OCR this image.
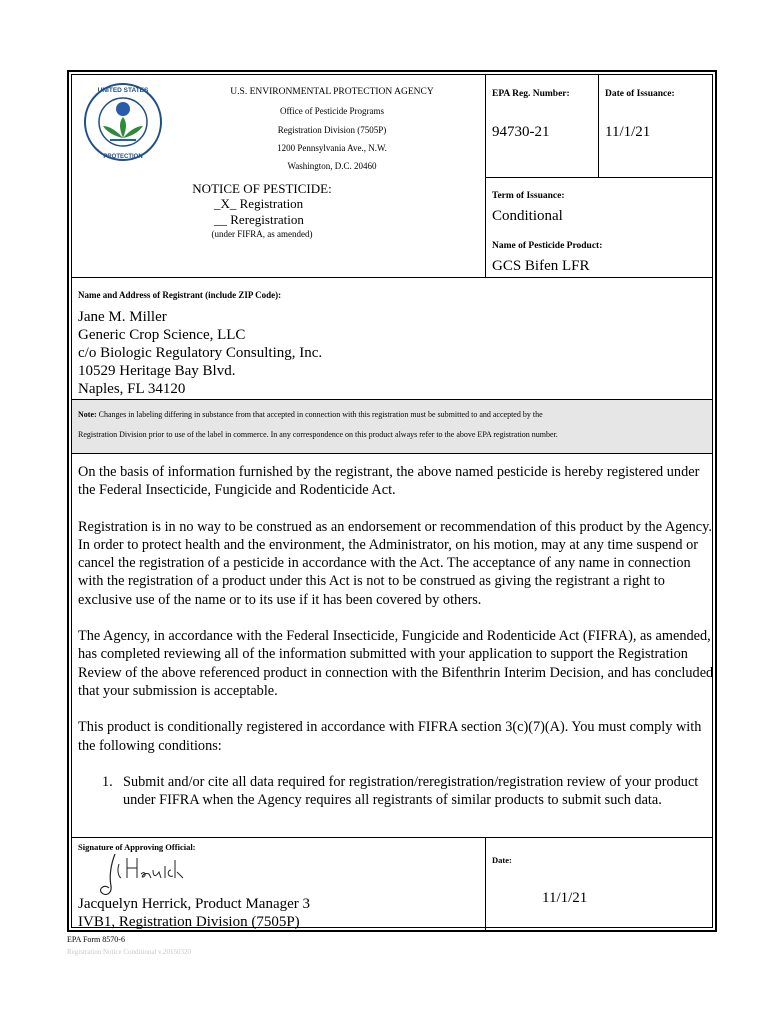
UNITED STATES
PROTECTION
U.S. ENVIRONMENTAL PROTECTION AGENCY
Office of Pesticide Programs
Registration Division (7505P)
1200 Pennsylvania Ave., N.W.
Washington, D.C. 20460
NOTICE OF PESTICIDE:
_X_ Registration
__ Reregistration
(under FIFRA, as amended)
EPA Reg. Number:
94730-21
Date of Issuance:
11/1/21
Term of Issuance:
Conditional
Name of Pesticide Product:
GCS Bifen LFR
Name and Address of Registrant (include ZIP Code):
Jane M. Miller
Generic Crop Science, LLC
c/o Biologic Regulatory Consulting, Inc.
10529 Heritage Bay Blvd.
Naples, FL 34120
Note: Changes in labeling differing in substance from that accepted in connection with this registration must be submitted to and accepted by the
Registration Division prior to use of the label in commerce. In any correspondence on this product always refer to the above EPA registration number.

On the basis of information furnished by the registrant, the above named pesticide is hereby registered under the Federal Insecticide, Fungicide and Rodenticide Act.

Registration is in no way to be construed as an endorsement or recommendation of this product by the Agency. In order to protect health and the environment, the Administrator, on his motion, may at any time suspend or cancel the registration of a pesticide in accordance with the Act. The acceptance of any name in connection with the registration of a product under this Act is not to be construed as giving the registrant a right to exclusive use of the name or to its use if it has been covered by others.

The Agency, in accordance with the Federal Insecticide, Fungicide and Rodenticide Act (FIFRA), as amended, has completed reviewing all of the information submitted with your application to support the Registration Review of the above referenced product in connection with the Bifenthrin Interim Decision, and has concluded that your submission is acceptable.

This product is conditionally registered in accordance with FIFRA section 3(c)(7)(A). You must comply with the following conditions:

1. Submit and/or cite all data required for registration/reregistration/registration review of your product under FIFRA when the Agency requires all registrants of similar products to submit such data.

Signature of Approving Official:
Jacquelyn Herrick, Product Manager 3
IVB1, Registration Division (7505P)
Date:
11/1/21
EPA Form 8570-6
Registration Notice Conditional v.20150320
